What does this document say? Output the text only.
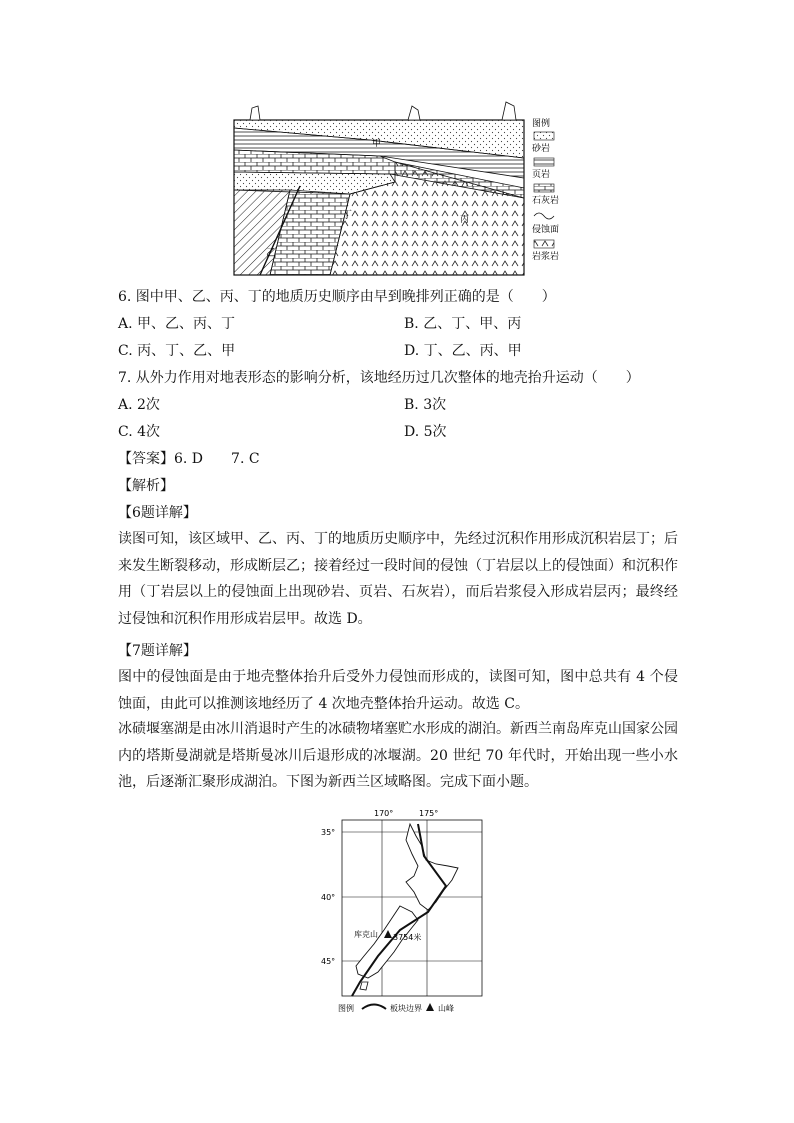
甲
丁	丙
乙
图例
砂岩
页岩
石灰岩
侵蚀面
岩浆岩
6. 图中甲、乙、丙、丁的地质历史顺序由早到晚排列正确的是（　　）
A. 甲、乙、丙、丁	B. 乙、丁、甲、丙
C. 丙、丁、乙、甲	D. 丁、乙、丙、甲
7. 从外力作用对地表形态的影响分析，该地经历过几次整体的地壳抬升运动（　　）
A. 2次	B. 3次
C. 4次	D. 5次
【答案】6. D　　7. C
【解析】
【6题详解】
读图可知，该区域甲、乙、丙、丁的地质历史顺序中，先经过沉积作用形成沉积岩层丁；后来发生断裂移动，形成断层乙；接着经过一段时间的侵蚀（丁岩层以上的侵蚀面）和沉积作用（丁岩层以上的侵蚀面上出现砂岩、页岩、石灰岩），而后岩浆侵入形成岩层丙；最终经过侵蚀和沉积作用形成岩层甲。故选 D。
【7题详解】
图中的侵蚀面是由于地壳整体抬升后受外力侵蚀而形成的，读图可知，图中总共有 4 个侵蚀面，由此可以推测该地经历了 4 次地壳整体抬升运动。故选 C。
冰碛堰塞湖是由冰川消退时产生的冰碛物堵塞贮水形成的湖泊。新西兰南岛库克山国家公园内的塔斯曼湖就是塔斯曼冰川后退形成的冰堰湖。20 世纪 70 年代时，开始出现一些小水池，后逐渐汇聚形成湖泊。下图为新西兰区域略图。完成下面小题。
170°	175°
35°
40°
45°
库克山 3754米
图例	板块边界 山峰
